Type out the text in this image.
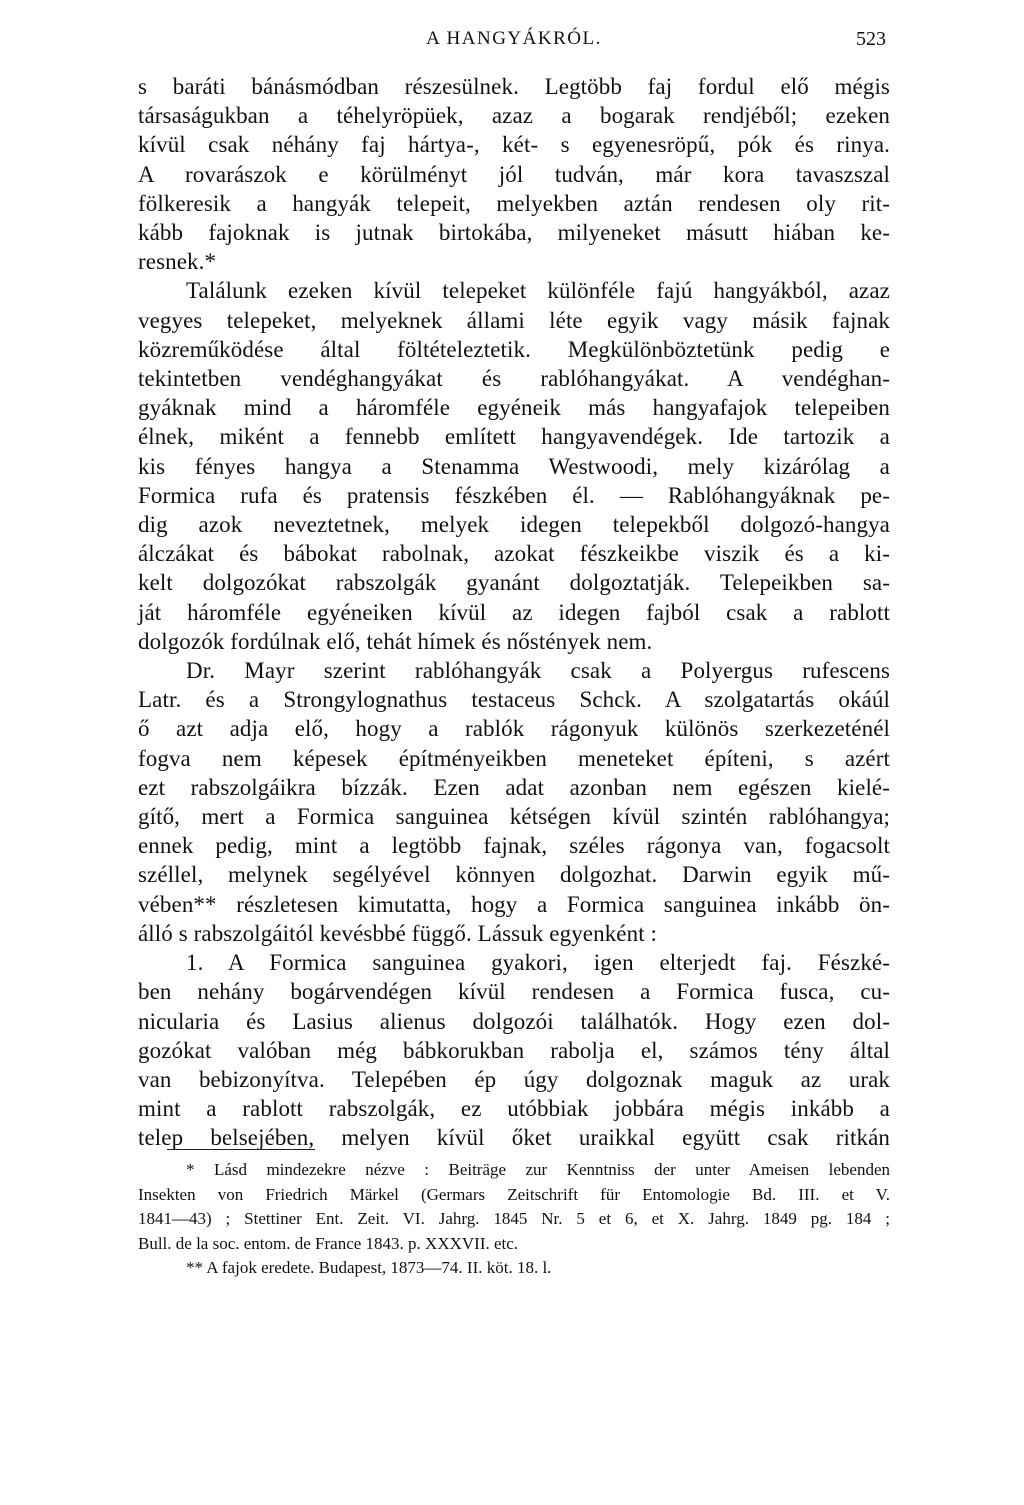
A HANGYÁKRÓL.	523

s baráti bánásmódban részesülnek. Legtöbb faj fordul elő mégis

társaságukban a téhelyröpüek, azaz a bogarak rendjéből; ezeken

kívül csak néhány faj hártya-, két- s egyenesröpű, pók és rinya.

A rovarászok e körülményt jól tudván, már kora tavaszszal

fölkeresik a hangyák telepeit, melyekben aztán rendesen oly rit-

kább fajoknak is jutnak birtokába, milyeneket másutt hiában ke-

resnek.*

Találunk ezeken kívül telepeket különféle fajú hangyákból, azaz

vegyes telepeket, melyeknek állami léte egyik vagy másik fajnak

közreműködése által föltételeztetik. Megkülönböztetünk pedig e

tekintetben vendéghangyákat és rablóhangyákat. A vendéghan-

gyáknak mind a háromféle egyéneik más hangyafajok telepeiben

élnek, miként a fennebb említett hangyavendégek. Ide tartozik a

kis fényes hangya a Stenamma Westwoodi, mely kizárólag a

Formica rufa és pratensis fészkében él. — Rablóhangyáknak pe-

dig azok neveztetnek, melyek idegen telepekből dolgozó-hangya

álczákat és bábokat rabolnak, azokat fészkeikbe viszik és a ki-

kelt dolgozókat rabszolgák gyanánt dolgoztatják. Telepeikben sa-

ját háromféle egyéneiken kívül az idegen fajból csak a rablott

dolgozók fordúlnak elő, tehát hímek és nőstények nem.

Dr. Mayr szerint rablóhangyák csak a Polyergus rufescens

Latr. és a Strongylognathus testaceus Schck. A szolgatartás okáúl

ő azt adja elő, hogy a rablók rágonyuk különös szerkezeténél

fogva nem képesek építményeikben meneteket építeni, s azért

ezt rabszolgáikra bízzák. Ezen adat azonban nem egészen kielé-

gítő, mert a Formica sanguinea kétségen kívül szintén rablóhangya;

ennek pedig, mint a legtöbb fajnak, széles rágonya van, fogacsolt

széllel, melynek segélyével könnyen dolgozhat. Darwin egyik mű-

vében** részletesen kimutatta, hogy a Formica sanguinea inkább ön-

álló s rabszolgáitól kevésbbé függő. Lássuk egyenként :

1. A Formica sanguinea gyakori, igen elterjedt faj. Fészké-

ben nehány bogárvendégen kívül rendesen a Formica fusca, cu-

nicularia és Lasius alienus dolgozói találhatók. Hogy ezen dol-

gozókat valóban még bábkorukban rabolja el, számos tény által

van bebizonyítva. Telepében ép úgy dolgoznak maguk az urak

mint a rablott rabszolgák, ez utóbbiak jobbára mégis inkább a

telep belsejében, melyen kívül őket uraikkal együtt csak ritkán

* Lásd mindezekre nézve : Beiträge zur Kenntniss der unter Ameisen lebenden

Insekten von Friedrich Märkel (Germars Zeitschrift für Entomologie Bd. III. et V.

1841—43) ; Stettiner Ent. Zeit. VI. Jahrg. 1845 Nr. 5 et 6, et X. Jahrg. 1849 pg. 184 ;

Bull. de la soc. entom. de France 1843. p. XXXVII. etc.

** A fajok eredete. Budapest, 1873—74. II. köt. 18. l.
